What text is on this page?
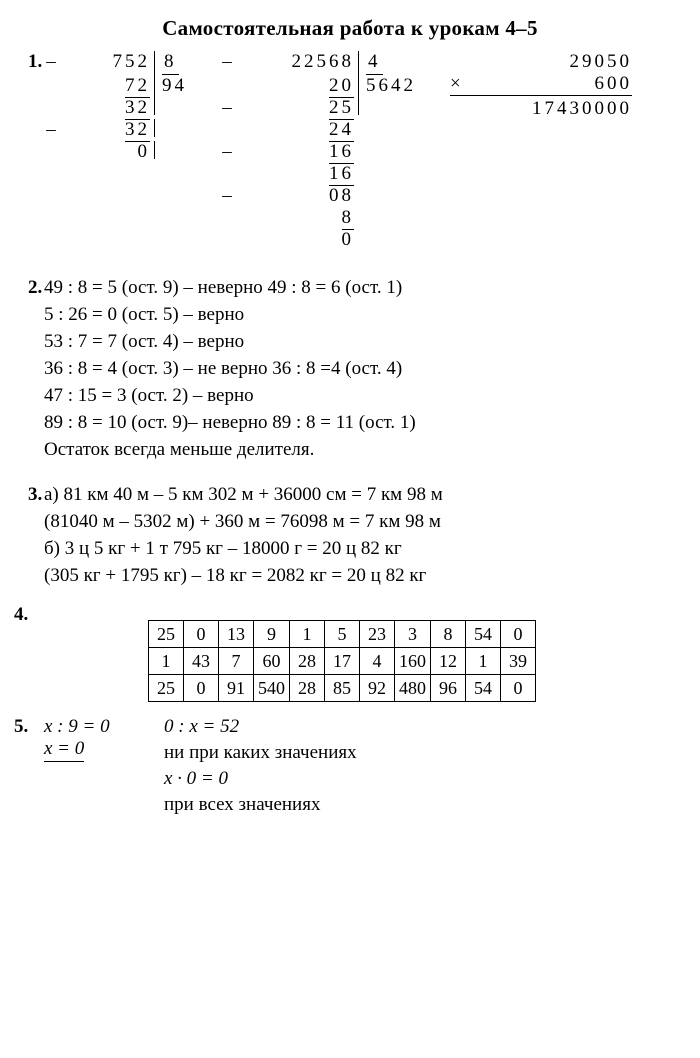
Самостоятельная работа к урокам 4–5
1. –	752 8
72 94
32

–	32

0

–	22568 4
20 5642
–	25

24

–	16
16
–	08
8
0

29050
×	600

17430000
2. 49 : 8 = 5 (ост. 9) – неверно 49 : 8 = 6 (ост. 1)
5 : 26 = 0 (ост. 5) – верно
53 : 7 = 7 (ост. 4) – верно
36 : 8 = 4 (ост. 3) – не верно 36 : 8 =4 (ост. 4)
47 : 15 = 3 (ост. 2) – верно
89 : 8 = 10 (ост. 9)– неверно 89 : 8 = 11 (ост. 1)
Остаток всегда меньше делителя.
3. а) 81 км 40 м – 5 км 302 м + 36000 см = 7 км 98 м
(81040 м – 5302 м) + 360 м = 76098 м = 7 км 98 м
б) 3 ц 5 кг + 1 т 795 кг – 18000 г = 20 ц 82 кг
(305 кг + 1795 кг) – 18 кг = 2082 кг = 20 ц 82 кг
4.
25	0	13	9	1	5	23	3	8	54	0
1	43	7	60	28	17	4	160	12	1	39
25	0	91	540	28	85	92	480	96	54	0
5. x : 9 = 0
x = 0
0 : x = 52
ни при каких значениях
x · 0 = 0
при всех значениях
